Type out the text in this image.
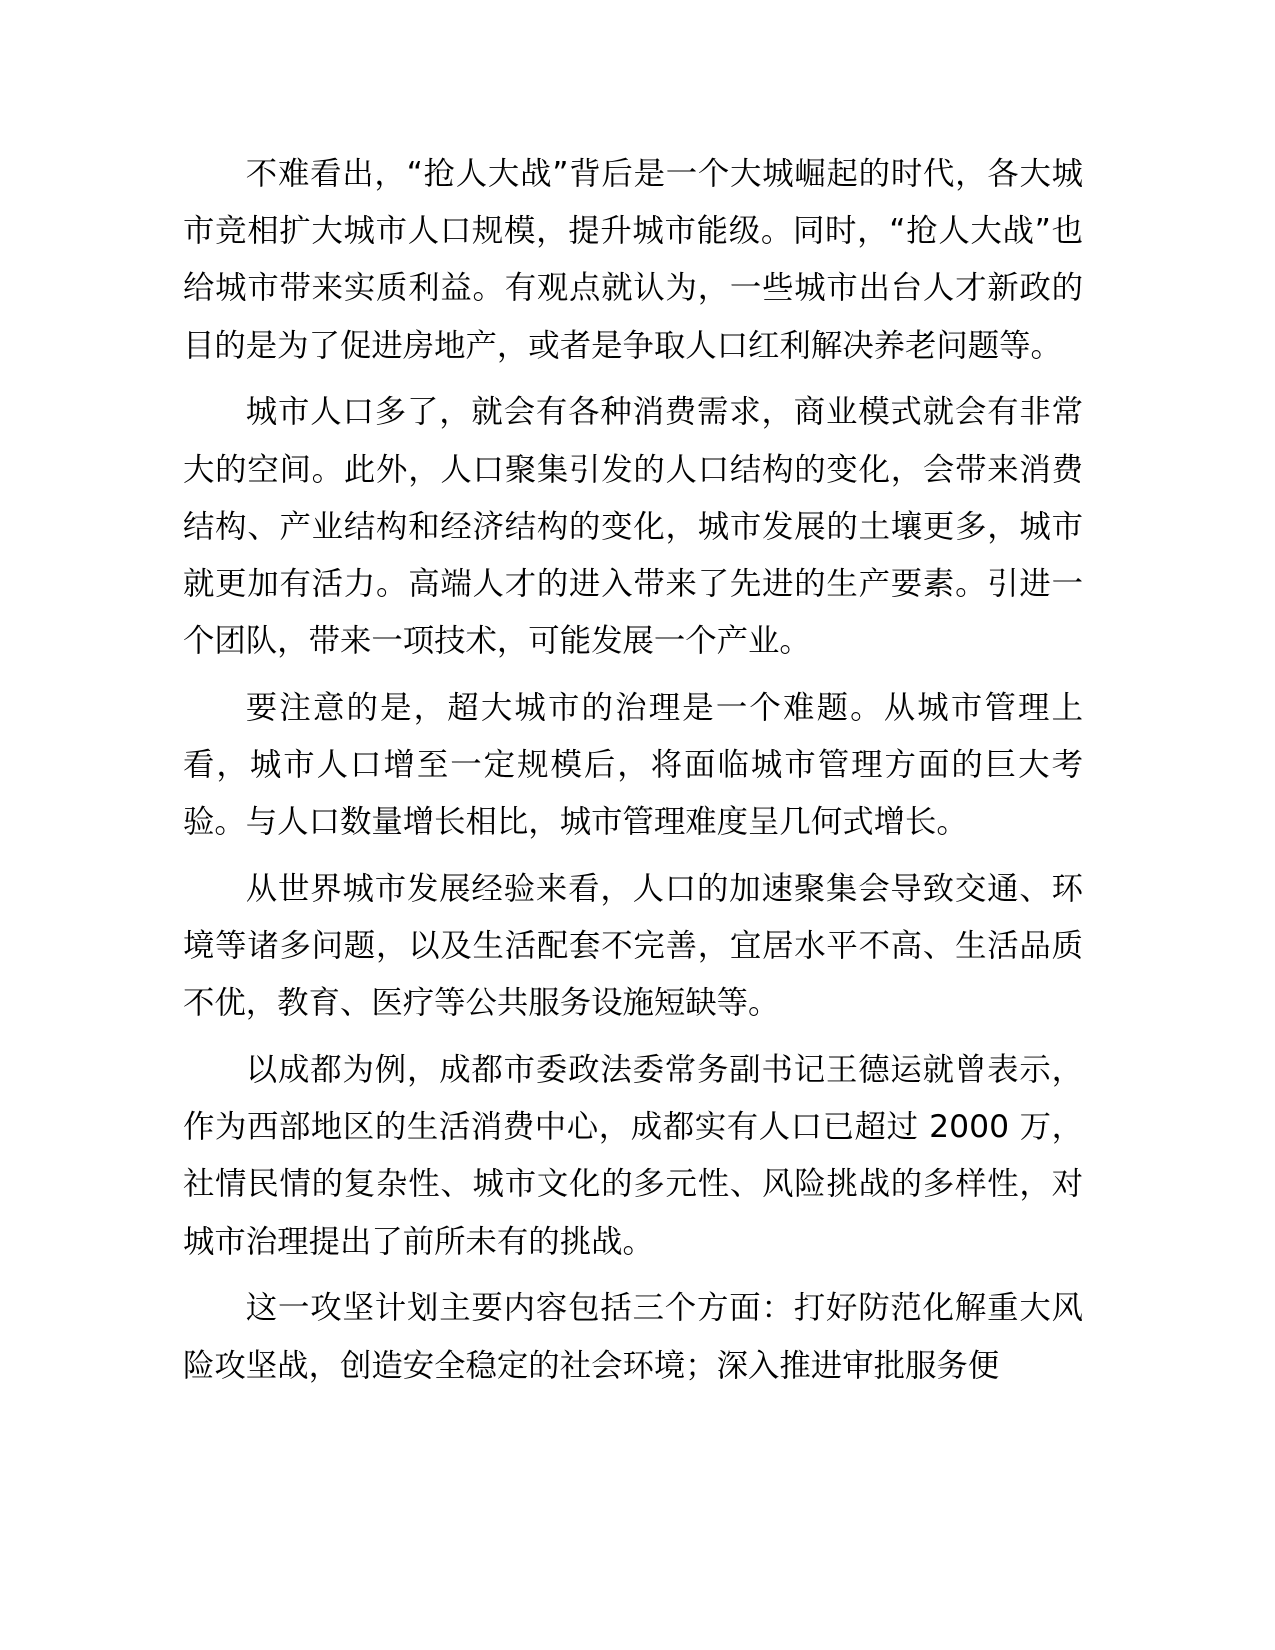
不难看出，“抢人大战”背后是一个大城崛起的时代，各大城市竞相扩大城市人口规模，提升城市能级。同时，“抢人大战”也给城市带来实质利益。有观点就认为，一些城市出台人才新政的目的是为了促进房地产，或者是争取人口红利解决养老问题等。

城市人口多了，就会有各种消费需求，商业模式就会有非常大的空间。此外，人口聚集引发的人口结构的变化，会带来消费结构、产业结构和经济结构的变化，城市发展的土壤更多，城市就更加有活力。高端人才的进入带来了先进的生产要素。引进一个团队，带来一项技术，可能发展一个产业。

要注意的是，超大城市的治理是一个难题。从城市管理上看，城市人口增至一定规模后，将面临城市管理方面的巨大考验。与人口数量增长相比，城市管理难度呈几何式增长。

从世界城市发展经验来看，人口的加速聚集会导致交通、环境等诸多问题，以及生活配套不完善，宜居水平不高、生活品质不优，教育、医疗等公共服务设施短缺等。

以成都为例，成都市委政法委常务副书记王德运就曾表示，作为西部地区的生活消费中心，成都实有人口已超过 2000 万，社情民情的复杂性、城市文化的多元性、风险挑战的多样性，对城市治理提出了前所未有的挑战。

这一攻坚计划主要内容包括三个方面：打好防范化解重大风险攻坚战，创造安全稳定的社会环境；深入推进审批服务便
